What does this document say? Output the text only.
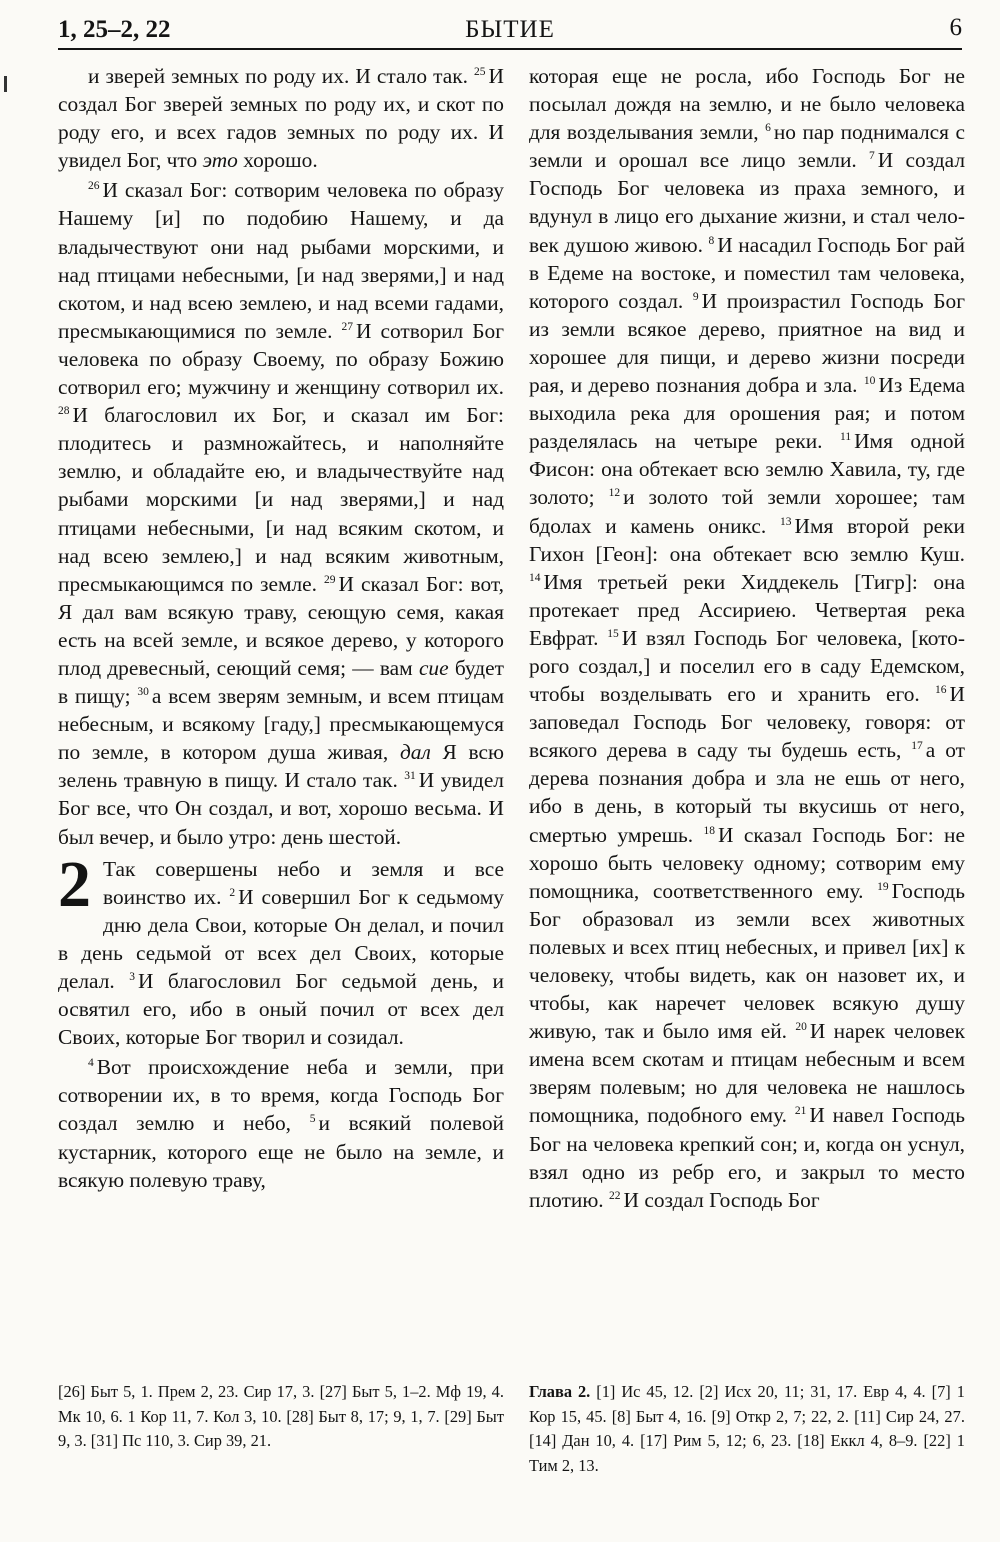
1, 25–2, 22	БЫТИЕ	6

и зверей земных по роду их. И стало так. $^{25}$ И создал Бог зверей земных по роду их, и скот по роду его, и всех гадов земных по роду их. И увидел Бог, что это хорошо.

$^{26}$ И сказал Бог: сотворим человека по образу Нашему [и] по подобию Нашему, и да владычествуют они над рыбами морскими, и над птицами небесными, [и над зверями,] и над скотом, и над всею землею, и над всеми гадами, пресмыкающимися по земле. $^{27}$ И сотворил Бог человека по образу Своему, по образу Божию сотворил его; мужчину и женщину сотворил их. $^{28}$ И благословил их Бог, и сказал им Бог: плодитесь и размножайтесь, и наполняйте землю, и обладайте ею, и владычествуйте над рыбами морскими [и над зверями,] и над птицами небесными, [и над всяким скотом, и над всею землею,] и над всяким животным, пресмыкающимся по земле. $^{29}$ И сказал Бог: вот, Я дал вам всякую траву, сеющую семя, какая есть на всей земле, и всякое дерево, у которого плод древесный, сеющий семя; — вам сие будет в пищу; $^{30}$ а всем зверям земным, и всем птицам небесным, и всякому [гаду,] пресмыкающемуся по земле, в котором душа живая, дал Я всю зелень травную в пищу. И стало так. $^{31}$ И увидел Бог все, что Он создал, и вот, хорошо весьма. И был вечер, и было утро: день шестой.

2 Так совершены небо и земля и все воинство их. $^2$ И совершил Бог к седьмому дню дела Свои, которые Он делал, и почил в день седьмой от всех дел Своих, которые делал. $^3$ И благословил Бог седьмой день, и освятил его, ибо в оный почил от всех дел Своих, которые Бог творил и созидал.

$^4$ Вот происхождение неба и земли, при сотворении их, в то время, когда Господь Бог создал землю и небо, $^5$ и всякий полевой кустарник, которого еще не было на земле, и всякую полевую траву,

которая еще не росла, ибо Господь Бог не посылал дождя на землю, и не было человека для возделывания земли, $^6$ но пар поднимался с земли и орошал все лицо земли. $^7$ И создал Господь Бог человека из праха земного, и вдунул в лицо его дыхание жизни, и стал человек душою живою. $^8$ И насадил Господь Бог рай в Едеме на востоке, и поместил там человека, которого создал. $^9$ И произрастил Господь Бог из земли всякое дерево, приятное на вид и хорошее для пищи, и дерево жизни посреди рая, и дерево познания добра и зла. $^{10}$ Из Едема выходила река для орошения рая; и потом разделялась на четыре реки. $^{11}$ Имя одной Фисон: она обтекает всю землю Хавила, ту, где золото; $^{12}$ и золото той земли хорошее; там бдолах и камень оникс. $^{13}$ Имя второй реки Гихон [Геон]: она обтекает всю землю Куш. $^{14}$ Имя третьей реки Хиддекель [Тигр]: она протекает пред Ассириею. Четвертая река Евфрат. $^{15}$ И взял Господь Бог человека, [которого создал,] и поселил его в саду Едемском, чтобы возделывать его и хранить его. $^{16}$ И заповедал Господь Бог человеку, говоря: от всякого дерева в саду ты будешь есть, $^{17}$ а от дерева познания добра и зла не ешь от него, ибо в день, в который ты вкусишь от него, смертью умрешь. $^{18}$ И сказал Господь Бог: не хорошо быть человеку одному; сотворим ему помощника, соответственного ему. $^{19}$ Господь Бог образовал из земли всех животных полевых и всех птиц небесных, и привел [их] к человеку, чтобы видеть, как он назовет их, и чтобы, как наречет человек всякую душу живую, так и было имя ей. $^{20}$ И нарек человек имена всем скотам и птицам небесным и всем зверям полевым; но для человека не нашлось помощника, подобного ему. $^{21}$ И навел Господь Бог на человека крепкий сон; и, когда он уснул, взял одно из ребр его, и закрыл то место плотию. $^{22}$ И создал Господь Бог

[26] Быт 5, 1. Прем 2, 23. Сир 17, 3. [27] Быт 5, 1–2. Мф 19, 4. Мк 10, 6. 1 Кор 11, 7. Кол 3, 10. [28] Быт 8, 17; 9, 1, 7. [29] Быт 9, 3. [31] Пс 110, 3. Сир 39, 21.
Глава 2. [1] Ис 45, 12. [2] Исх 20, 11; 31, 17. Евр 4, 4. [7] 1 Кор 15, 45. [8] Быт 4, 16. [9] Откр 2, 7; 22, 2. [11] Сир 24, 27. [14] Дан 10, 4. [17] Рим 5, 12; 6, 23. [18] Еккл 4, 8–9. [22] 1 Тим 2, 13.
